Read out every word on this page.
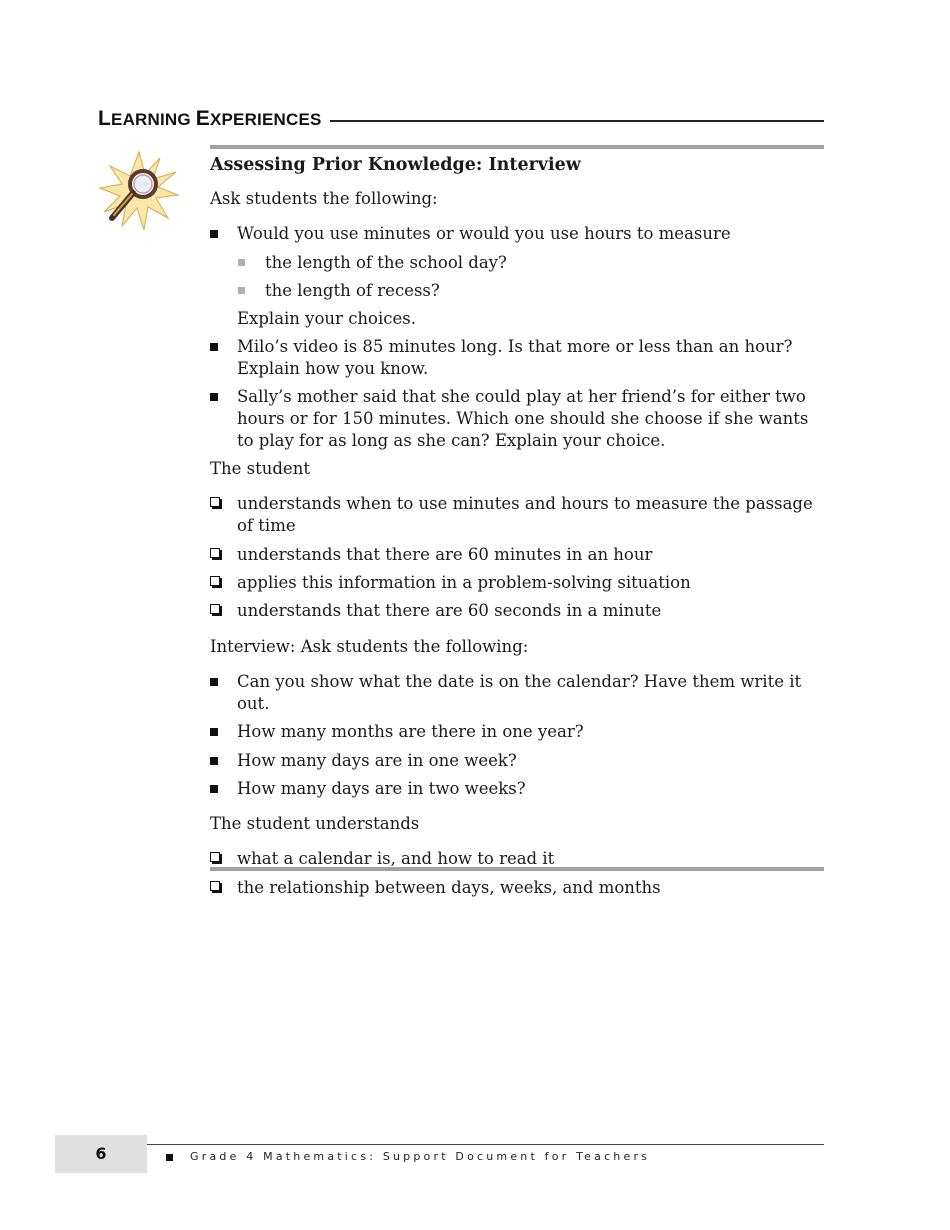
LEARNING EXPERIENCES

Assessing Prior Knowledge: Interview

Ask students the following:

Would you use minutes or would you use hours to measure

the length of the school day?

the length of recess?

Explain your choices.

Milo’s video is 85 minutes long. Is that more or less than an hour? Explain how you know.

Sally’s mother said that she could play at her friend’s for either two hours or for 150 minutes. Which one should she choose if she wants to play for as long as she can? Explain your choice.

The student

understands when to use minutes and hours to measure the passage of time

understands that there are 60 minutes in an hour

applies this information in a problem-solving situation

understands that there are 60 seconds in a minute

Interview: Ask students the following:

Can you show what the date is on the calendar? Have them write it out.

How many months are there in one year?

How many days are in one week?

How many days are in two weeks?

The student understands

what a calendar is, and how to read it

the relationship between days, weeks, and months

6	Grade 4 Mathematics: Support Document for Teachers
